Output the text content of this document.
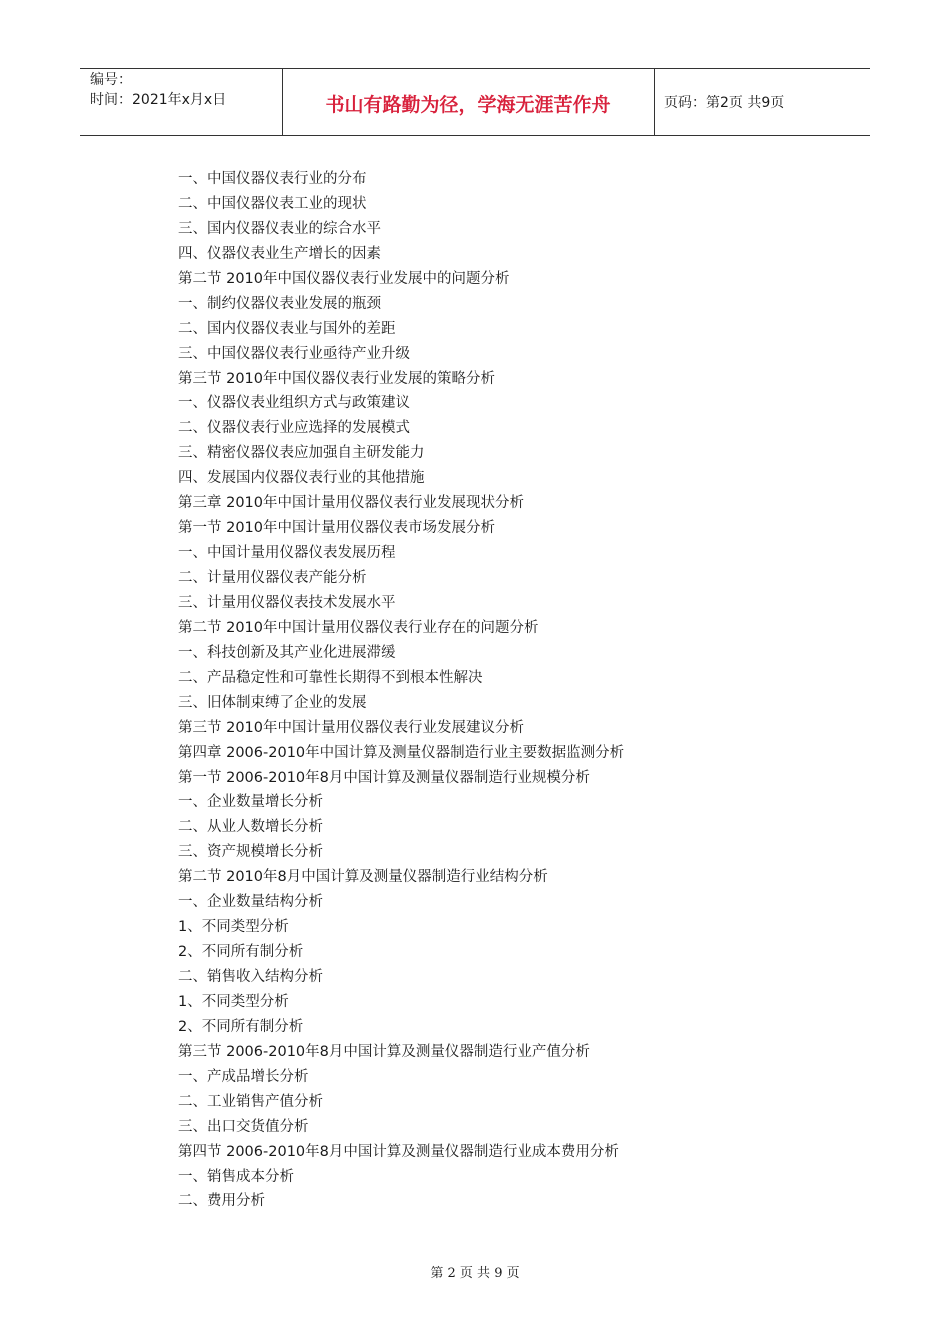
编号：
时间：2021年x月x日	书山有路勤为径，学海无涯苦作舟	页码：第2页 共9页
一、中国仪器仪表行业的分布
二、中国仪器仪表工业的现状
三、国内仪器仪表业的综合水平
四、仪器仪表业生产增长的因素
第二节 2010年中国仪器仪表行业发展中的问题分析
一、制约仪器仪表业发展的瓶颈
二、国内仪器仪表业与国外的差距
三、中国仪器仪表行业亟待产业升级
第三节 2010年中国仪器仪表行业发展的策略分析
一、仪器仪表业组织方式与政策建议
二、仪器仪表行业应选择的发展模式
三、精密仪器仪表应加强自主研发能力
四、发展国内仪器仪表行业的其他措施
第三章 2010年中国计量用仪器仪表行业发展现状分析
第一节 2010年中国计量用仪器仪表市场发展分析
一、中国计量用仪器仪表发展历程
二、计量用仪器仪表产能分析
三、计量用仪器仪表技术发展水平
第二节 2010年中国计量用仪器仪表行业存在的问题分析
一、科技创新及其产业化进展滞缓
二、产品稳定性和可靠性长期得不到根本性解决
三、旧体制束缚了企业的发展
第三节 2010年中国计量用仪器仪表行业发展建议分析
第四章 2006-2010年中国计算及测量仪器制造行业主要数据监测分析
第一节 2006-2010年8月中国计算及测量仪器制造行业规模分析
一、企业数量增长分析
二、从业人数增长分析
三、资产规模增长分析
第二节 2010年8月中国计算及测量仪器制造行业结构分析
一、企业数量结构分析
1、不同类型分析
2、不同所有制分析
二、销售收入结构分析
1、不同类型分析
2、不同所有制分析
第三节 2006-2010年8月中国计算及测量仪器制造行业产值分析
一、产成品增长分析
二、工业销售产值分析
三、出口交货值分析
第四节 2006-2010年8月中国计算及测量仪器制造行业成本费用分析
一、销售成本分析
二、费用分析
第 2 页 共 9 页
